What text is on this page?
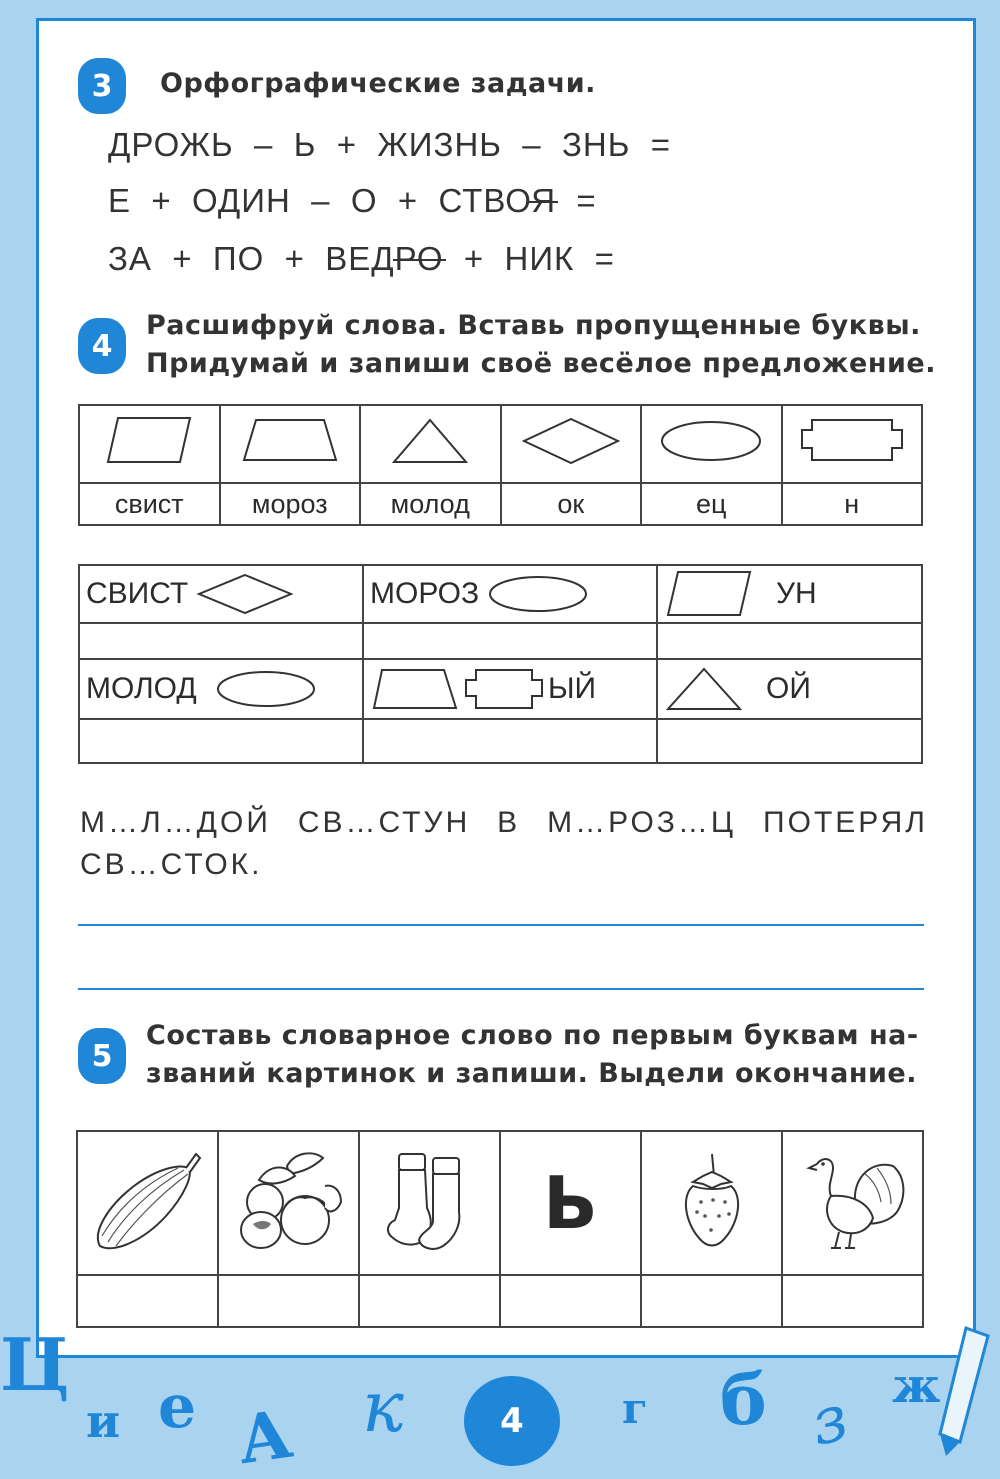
3	Орфографические задачи.
ДРОЖЬ  –  Ь  +  ЖИЗНЬ  –  ЗНЬ  =
Е  +  ОДИН  –  О  +  СТВОЯ  =
ЗА  +  ПО  +  ВЕДРО  +  НИК  =
4
Расшифруй слова. Вставь пропущенные буквы.
Придумай и запиши своё весёлое предложение.

свист	мороз	молод	ок	ец	н
СВИСТ	МОРОЗ	УН

МОЛОД	ЫЙ	ОЙ

М…Л…ДОЙ СВ…СТУН В М…РОЗ…Ц ПОТЕРЯЛ СВ…СТОК.
5
Составь словарное слово по первым буквам на-
званий картинок и запиши. Выдели окончание.
			Ь		

Ц
и е А к	4	г б з ж
